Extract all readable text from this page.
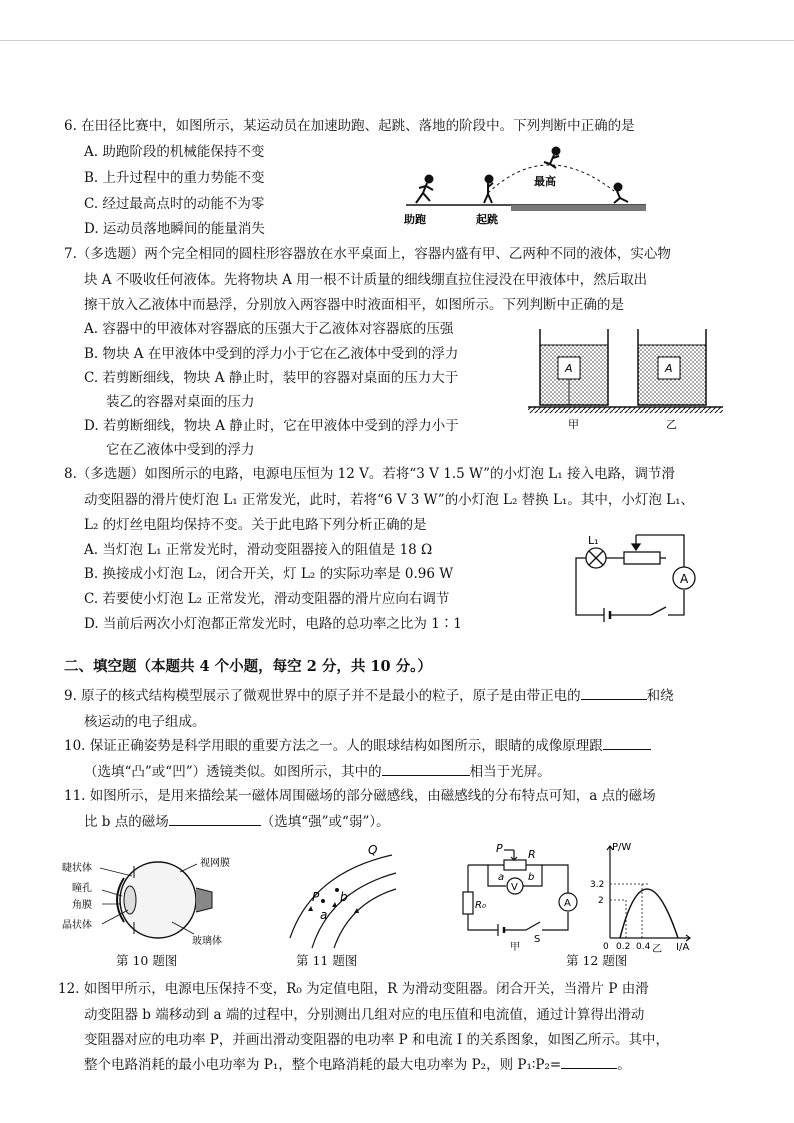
6. 在田径比赛中，如图所示，某运动员在加速助跑、起跳、落地的阶段中。下列判断中正确的是
A. 助跑阶段的机械能保持不变
B. 上升过程中的重力势能不变
C. 经过最高点时的动能不为零
D. 运动员落地瞬间的能量消失
助跑	起跳
最高
7.（多选题）两个完全相同的圆柱形容器放在水平桌面上，容器内盛有甲、乙两种不同的液体，实心物
块 A 不吸收任何液体。先将物块 A 用一根不计质量的细线绷直拉住浸没在甲液体中，然后取出
擦干放入乙液体中而悬浮，分别放入两容器中时液面相平，如图所示。下列判断中正确的是
A. 容器中的甲液体对容器底的压强大于乙液体对容器底的压强
B. 物块 A 在甲液体中受到的浮力小于它在乙液体中受到的浮力
C. 若剪断细线，物块 A 静止时，装甲的容器对桌面的压力大于
装乙的容器对桌面的压力
D. 若剪断细线，物块 A 静止时，它在甲液体中受到的浮力小于
它在乙液体中受到的浮力
A	A
甲	乙
8.（多选题）如图所示的电路，电源电压恒为 12 V。若将“3 V 1.5 W”的小灯泡 L₁ 接入电路，调节滑
动变阻器的滑片使灯泡 L₁ 正常发光，此时，若将“6 V 3 W”的小灯泡 L₂ 替换 L₁。其中，小灯泡 L₁、
L₂ 的灯丝电阻均保持不变。关于此电路下列分析正确的是
A. 当灯泡 L₁ 正常发光时，滑动变阻器接入的阻值是 18 Ω
B. 换接成小灯泡 L₂，闭合开关，灯 L₂ 的实际功率是 0.96 W
C. 若要使小灯泡 L₂ 正常发光，滑动变阻器的滑片应向右调节
D. 当前后两次小灯泡都正常发光时，电路的总功率之比为 1∶1
L₁
A
二、填空题（本题共 4 个小题，每空 2 分，共 10 分。）
9. 原子的核式结构模型展示了微观世界中的原子并不是最小的粒子，原子是由带正电的	和绕
核运动的电子组成。
10. 保证正确姿势是科学用眼的重要方法之一。人的眼球结构如图所示，眼睛的成像原理跟
（选填“凸”或“凹”）透镜类似。如图所示，其中的	相当于光屏。
11. 如图所示，是用来描绘某一磁体周围磁场的部分磁感线，由磁感线的分布特点可知，a 点的磁场
比 b 点的磁场	（选填“强”或“弱”）。
睫状体
瞳孔
角膜
晶状体
视网膜
玻璃体
Q
P
a
b
P R
a b
V
A
R₀
S
甲
P/W
I/A
3.2
2
0 0.2 0.4 乙
第 10 题图	第 11 题图	第 12 题图
12. 如图甲所示，电源电压保持不变，R₀ 为定值电阻，R 为滑动变阻器。闭合开关，当滑片 P 由滑
动变阻器 b 端移动到 a 端的过程中，分别测出几组对应的电压值和电流值，通过计算得出滑动
变阻器对应的电功率 P，并画出滑动变阻器的电功率 P 和电流 I 的关系图象，如图乙所示。其中，
整个电路消耗的最小电功率为 P₁，整个电路消耗的最大电功率为 P₂，则 P₁∶P₂=	。
